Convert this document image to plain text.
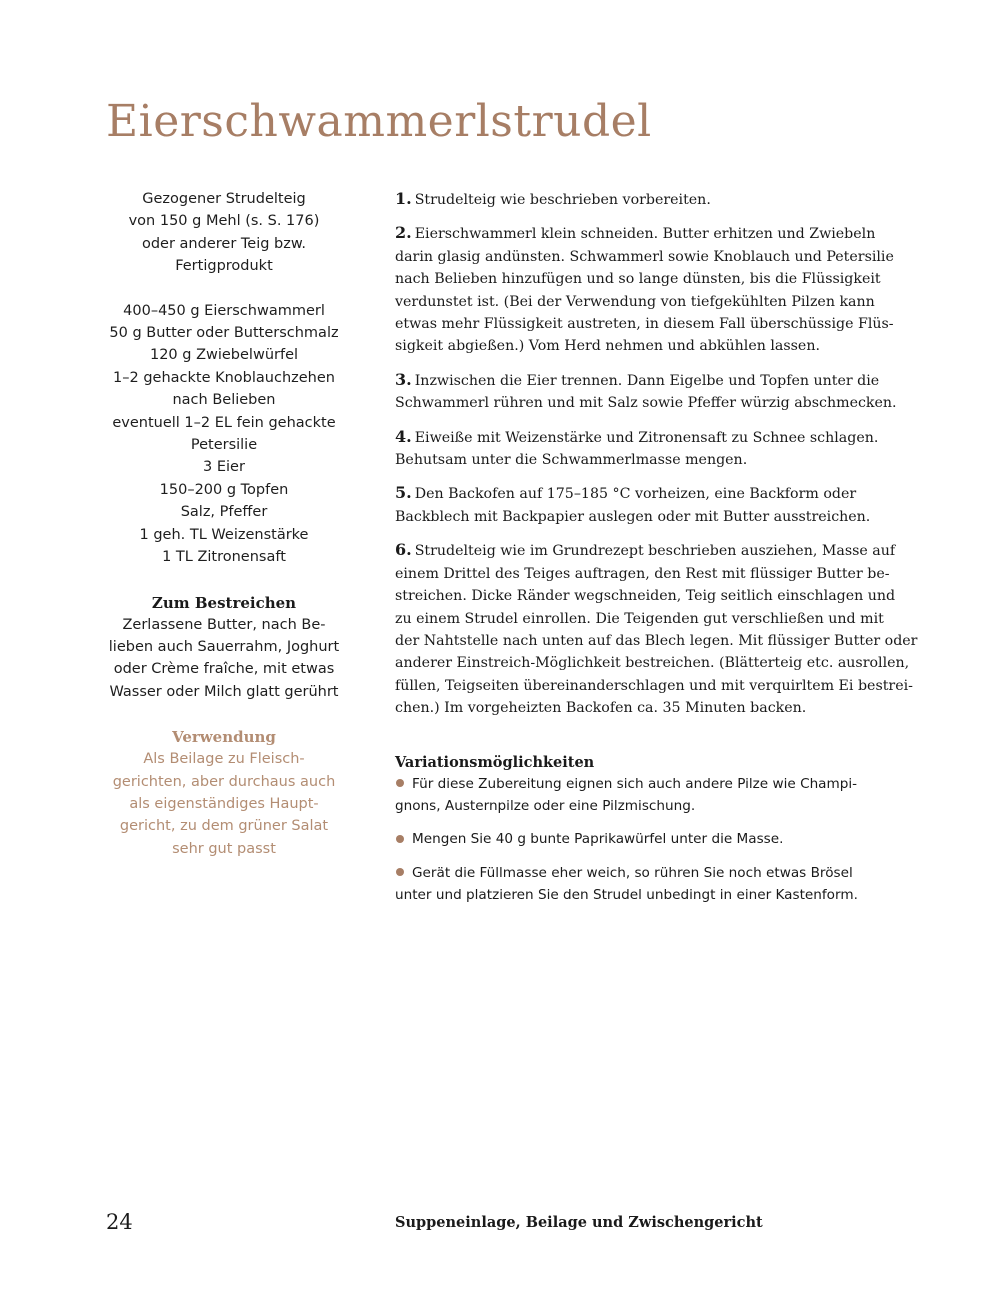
Eierschwammerlstrudel
Gezogener Strudelteig
von 150 g Mehl (s. S. 176)
oder anderer Teig bzw.
Fertigprodukt
400–450 g Eierschwammerl
50 g Butter oder Butterschmalz
120 g Zwiebelwürfel
1–2 gehackte Knoblauchzehen
nach Belieben
eventuell 1–2 EL fein gehackte
Petersilie
3 Eier
150–200 g Topfen
Salz, Pfeffer
1 geh. TL Weizenstärke
1 TL Zitronensaft
Zum Bestreichen
Zerlassene Butter, nach Be-
lieben auch Sauerrahm, Joghurt
oder Crème fraîche, mit etwas
Wasser oder Milch glatt gerührt
Verwendung
Als Beilage zu Fleisch-
gerichten, aber durchaus auch
als eigenständiges Haupt-
gericht, zu dem grüner Salat
sehr gut passt
1. Strudelteig wie beschrieben vorbereiten.
2. Eierschwammerl klein schneiden. Butter erhitzen und Zwiebeln
darin glasig andünsten. Schwammerl sowie Knoblauch und Petersilie
nach Belieben hinzufügen und so lange dünsten, bis die Flüssigkeit
verdunstet ist. (Bei der Verwendung von tiefgekühlten Pilzen kann
etwas mehr Flüssigkeit austreten, in diesem Fall überschüssige Flüs-
sigkeit abgießen.) Vom Herd nehmen und abkühlen lassen.
3. Inzwischen die Eier trennen. Dann Eigelbe und Topfen unter die
Schwammerl rühren und mit Salz sowie Pfeffer würzig abschmecken.
4. Eiweiße mit Weizenstärke und Zitronensaft zu Schnee schlagen.
Behutsam unter die Schwammerlmasse mengen.
5. Den Backofen auf 175–185 °C vorheizen, eine Backform oder
Backblech mit Backpapier auslegen oder mit Butter ausstreichen.
6. Strudelteig wie im Grundrezept beschrieben ausziehen, Masse auf
einem Drittel des Teiges auftragen, den Rest mit flüssiger Butter be-
streichen. Dicke Ränder wegschneiden, Teig seitlich einschlagen und
zu einem Strudel einrollen. Die Teigenden gut verschließen und mit
der Nahtstelle nach unten auf das Blech legen. Mit flüssiger Butter oder
anderer Einstreich-Möglichkeit bestreichen. (Blätterteig etc. ausrollen,
füllen, Teigseiten übereinanderschlagen und mit verquirltem Ei bestrei-
chen.) Im vorgeheizten Backofen ca. 35 Minuten backen.
Variationsmöglichkeiten
Für diese Zubereitung eignen sich auch andere Pilze wie Champi-
gnons, Austernpilze oder eine Pilzmischung.
Mengen Sie 40 g bunte Paprikawürfel unter die Masse.
Gerät die Füllmasse eher weich, so rühren Sie noch etwas Brösel
unter und platzieren Sie den Strudel unbedingt in einer Kastenform.
24	Suppeneinlage, Beilage und Zwischengericht
